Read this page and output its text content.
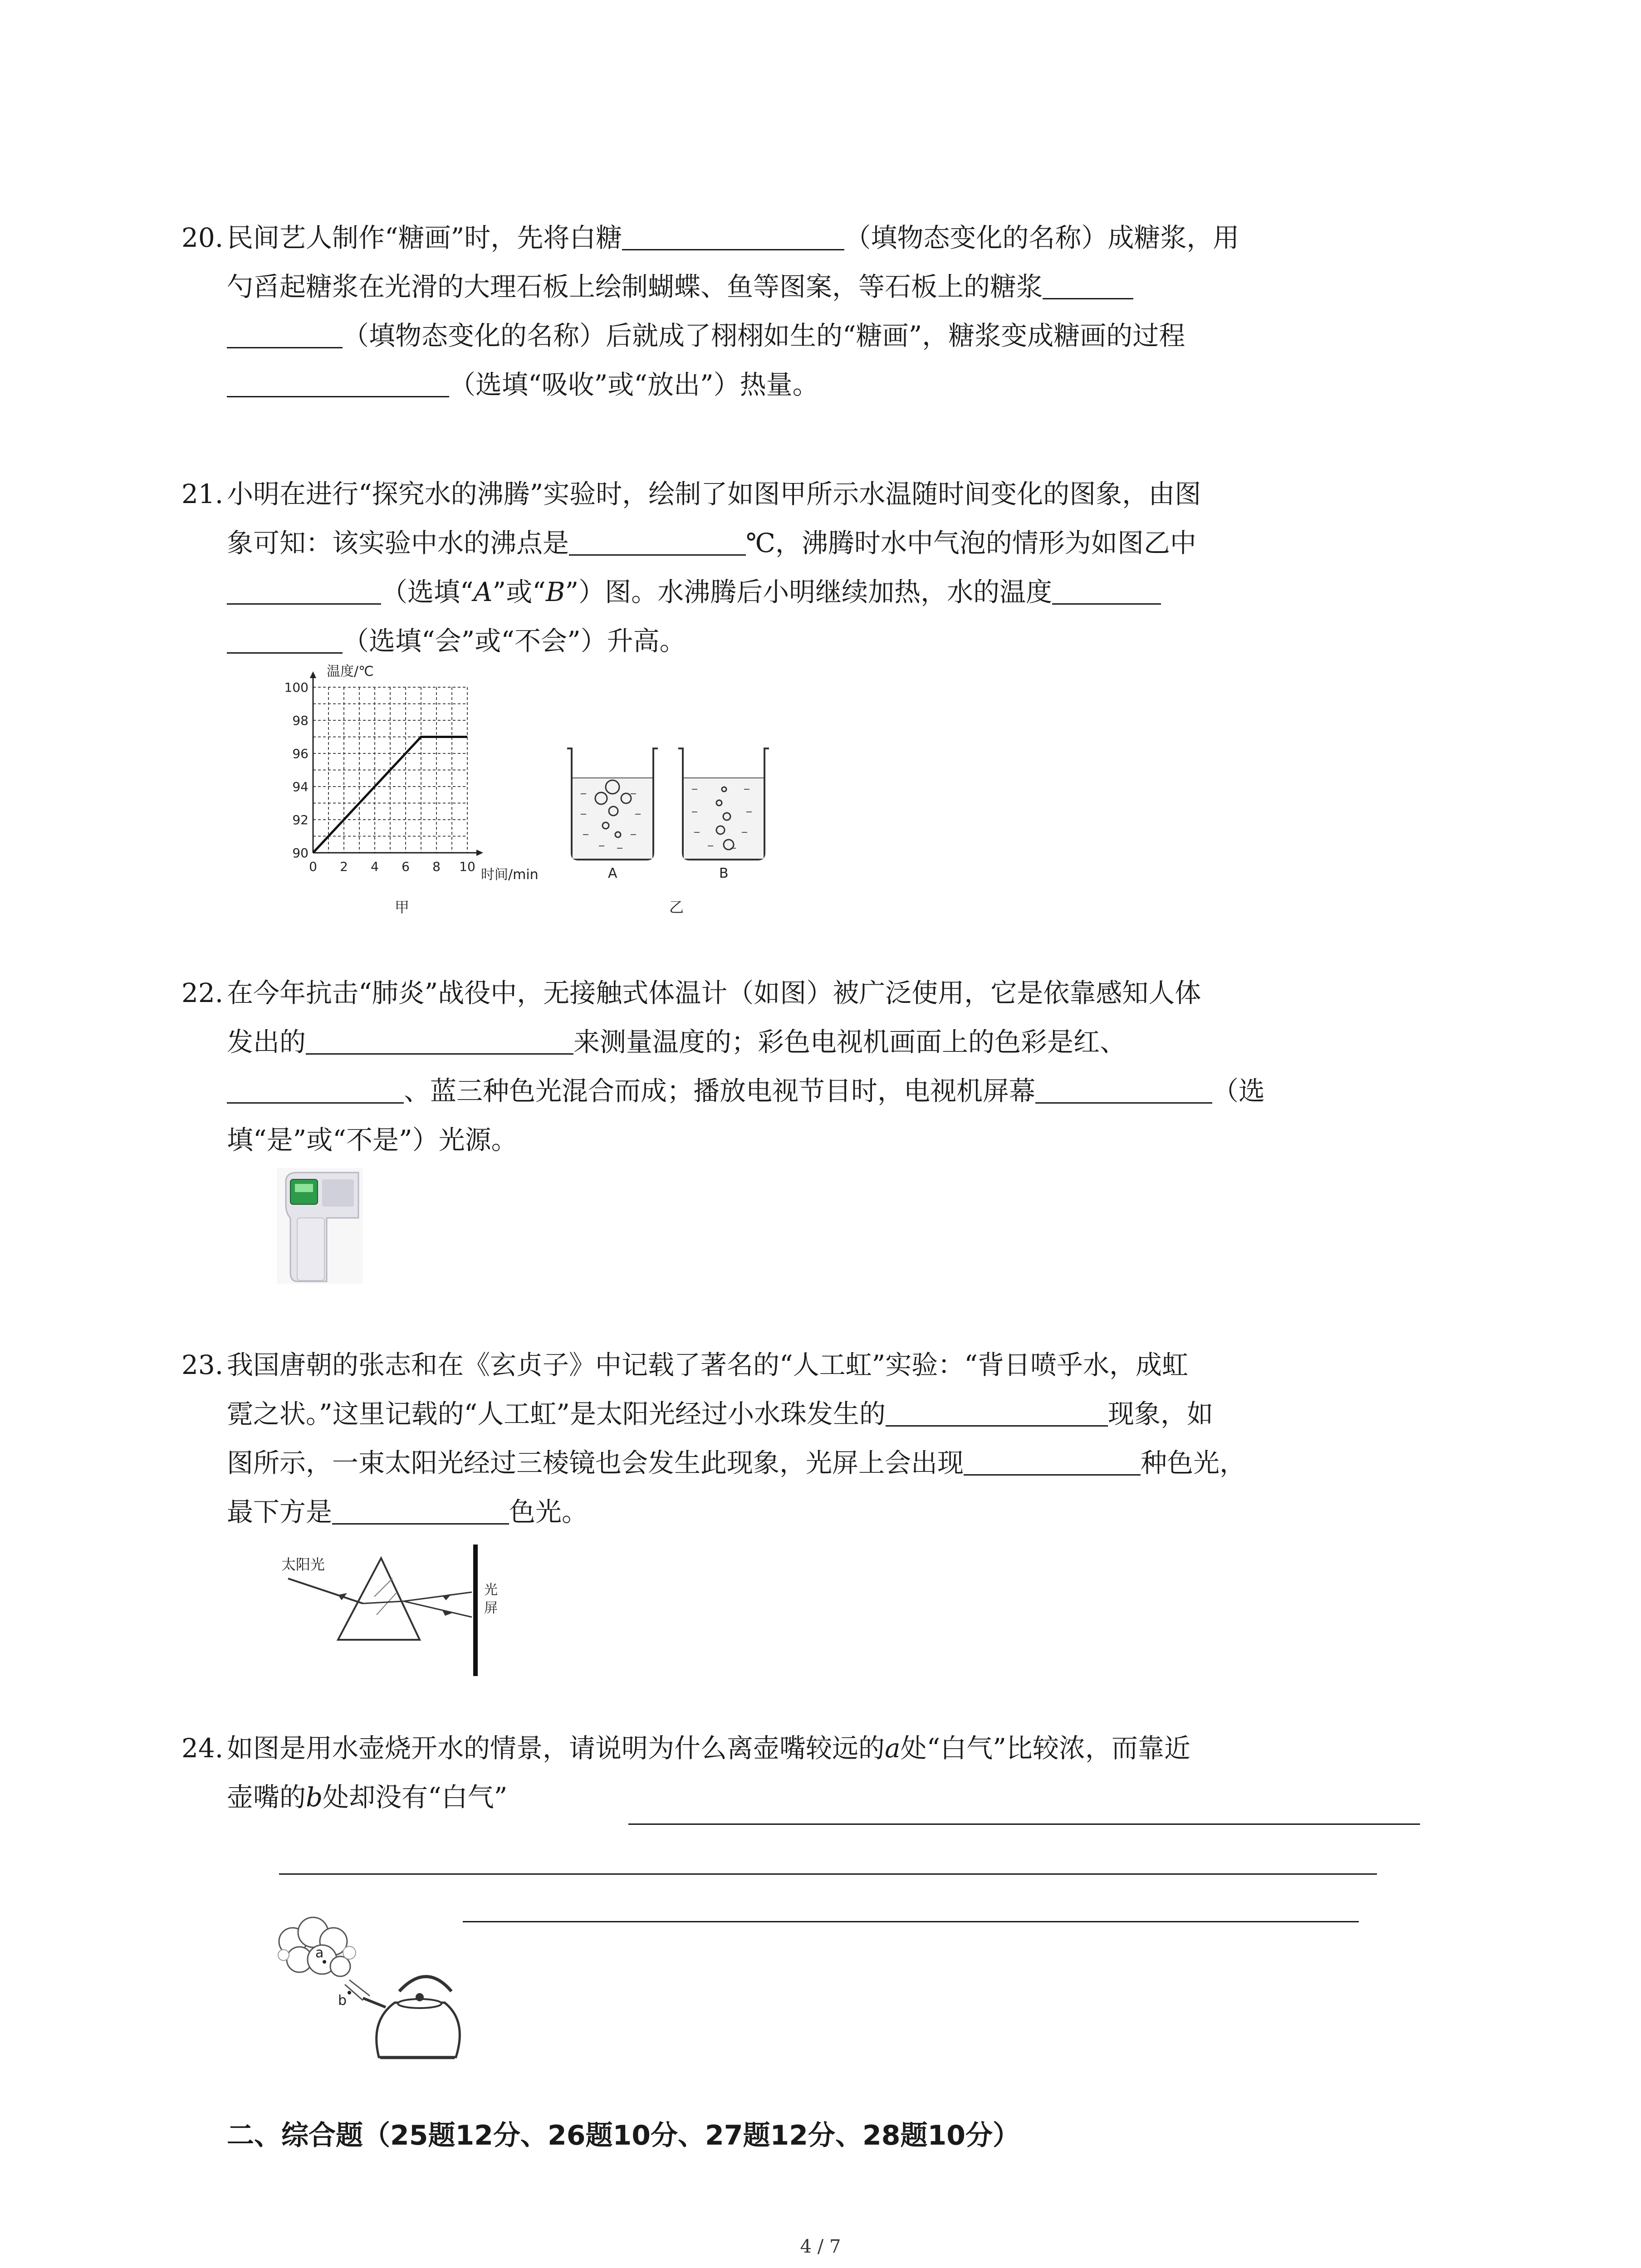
20. 民间艺人制作“糖画”时，先将白糖	（填物态变化的名称）成糖浆，用
勺舀起糖浆在光滑的大理石板上绘制蝴蝶、鱼等图案，等石板上的糖浆
（填物态变化的名称）后就成了栩栩如生的“糖画”，糖浆变成糖画的过程
（选填“吸收”或“放出”）热量。
21. 小明在进行“探究水的沸腾”实验时，绘制了如图甲所示水温随时间变化的图象，由图
象可知：该实验中水的沸点是	℃，沸腾时水中气泡的情形为如图乙中
（选填“A”或“B”）图。水沸腾后小明继续加热，水的温度
（选填“会”或“不会”）升高。
0 2 4 6 8 10
90
92
94
96
98
100
温度/℃
时间/min
甲
A	B
乙
22. 在今年抗击“肺炎”战役中，无接触式体温计（如图）被广泛使用，它是依靠感知人体
发出的	来测量温度的；彩色电视机画面上的色彩是红、
、蓝三种色光混合而成；播放电视节目时，电视机屏幕	（选
填“是”或“不是”）光源。
23. 我国唐朝的张志和在《玄贞子》中记载了著名的“人工虹”实验：“背日喷乎水，成虹
霓之状。”这里记载的“人工虹”是太阳光经过小水珠发生的	现象，如
图所示，一束太阳光经过三棱镜也会发生此现象，光屏上会出现	种色光，
最下方是	色光。
太阳光
光
屏
24. 如图是用水壶烧开水的情景，请说明为什么离壶嘴较远的a处“白气”比较浓，而靠近
壶嘴的b处却没有“白气”
a
b
二、综合题（25题12分、26题10分、27题12分、28题10分）
4 / 7
